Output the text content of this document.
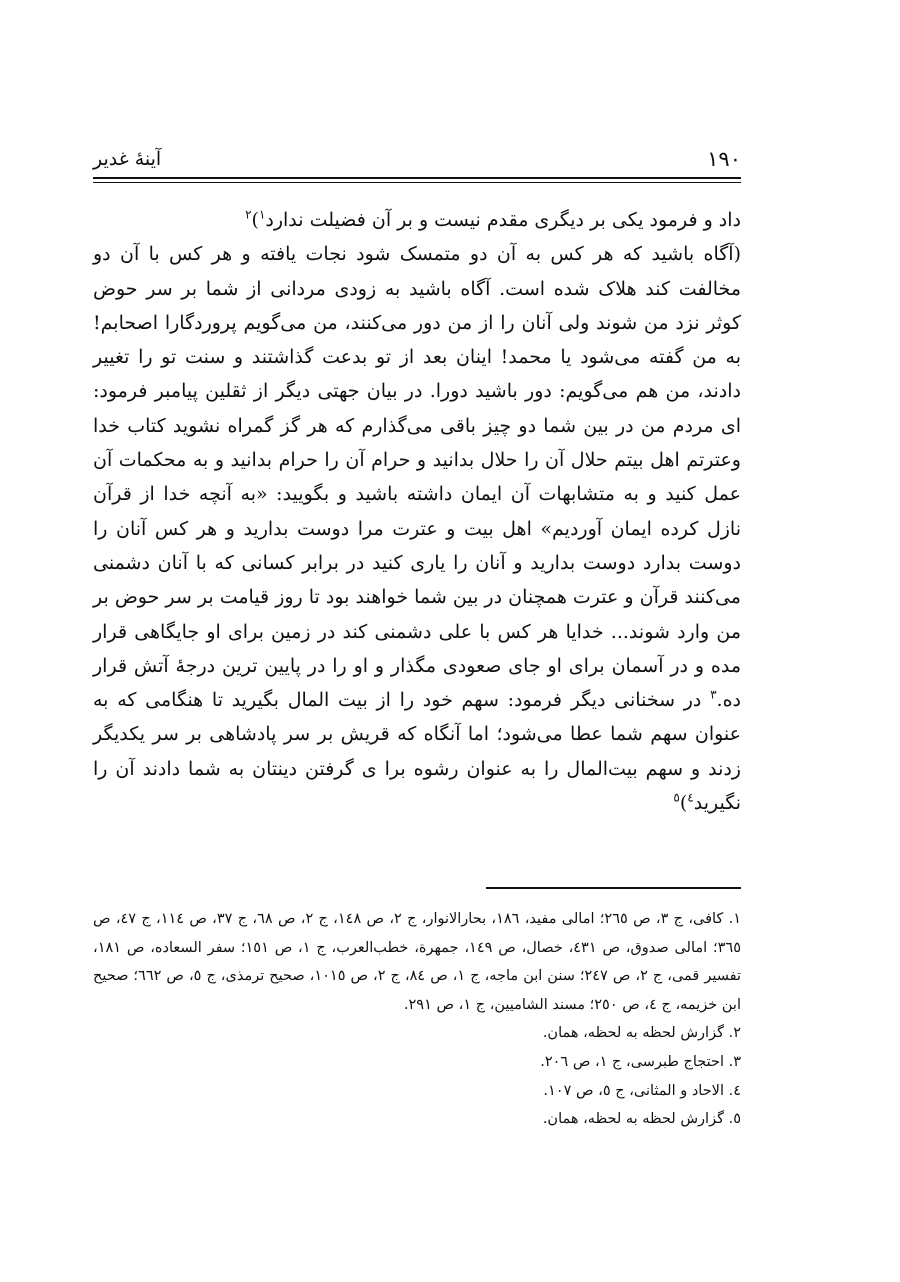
۱۹۰
آینهٔ غدیر

داد و فرمود یکی بر دیگری مقدم نیست و بر آن فضیلت ندارد$^۱$)$^۲$

(آگاه باشید که هر کس به آن دو متمسک شود نجات یافته و هر کس با آن دو مخالفت کند هلاک شده است. آگاه باشید به زودی مردانی از شما بر سر حوض کوثر نزد من شوند ولی آنان را از من دور می‌کنند، من می‌گویم پروردگارا اصحابم! به من گفته می‌شود یا محمد! اینان بعد از تو بدعت گذاشتند و سنت تو را تغییر دادند، من هم می‌گویم: دور باشید دورا. در بیان جهتی دیگر از ثقلین پیامبر فرمود: ای مردم من در بین شما دو چیز باقی می‌گذارم که هر گز گمراه نشوید کتاب خدا وعترتم اهل بیتم حلال آن را حلال بدانید و حرام آن را حرام بدانید و به محکمات آن عمل کنید و به متشابهات آن ایمان داشته باشید و بگویید: «به آنچه خدا از قرآن نازل کرده ایمان آوردیم» اهل بیت و عترت مرا دوست بدارید و هر کس آنان را دوست بدارد دوست بدارید و آنان را یاری کنید در برابر کسانی که با آنان دشمنی می‌کنند قرآن و عترت همچنان در بین شما خواهند بود تا روز قیامت بر سر حوض بر من وارد شوند... خدایا هر کس با علی دشمنی کند در زمین برای او جایگاهی قرار مده و در آسمان برای او جای صعودی مگذار و او را در پایین ترین درجهٔ آتش قرار ده.$^۳$ در سخنانی دیگر فرمود: سهم خود را از بیت المال بگیرید تا هنگامی که به عنوان سهم شما عطا می‌شود؛ اما آنگاه که قریش بر سر پادشاهی بر سر یکدیگر زدند و سهم بیت‌المال را به عنوان رشوه برا ی گرفتن دینتان به شما دادند آن را نگیرید$^٤$)$^٥$

۱. کافی، ج ۳، ص ۲٦٥؛ امالی مفید، ۱۸٦، بحارالانوار، ج ۲، ص ۱٤۸، ج ۲، ص ٦۸، ج ۳۷، ص ۱۱٤، ج ٤۷، ص ۳٦٥؛ امالی صدوق، ص ٤۳۱، خصال، ص ۱٤۹، جمهرة، خطب‌العرب، ج ۱، ص ۱٥۱؛ سفر السعاده، ص ۱۸۱، تفسیر قمی، ج ۲، ص ۲٤۷؛ سنن ابن ماجه، ج ۱، ص ۸٤، ج ۲، ص ۱۰۱٥، صحیح ترمذی، ج ٥، ص ٦٦۲؛ صحیح ابن خزیمه، ج ٤، ص ۲٥۰؛ مسند الشامیین، ج ۱، ص ۲۹۱.

۲. گزارش لحظه به لحظه، همان.

۳. احتجاج طبرسی، ج ۱، ص ۲۰٦.

٤. الاحاد و المثانی، ج ٥، ص ۱۰۷.

٥. گزارش لحظه به لحظه، همان.
